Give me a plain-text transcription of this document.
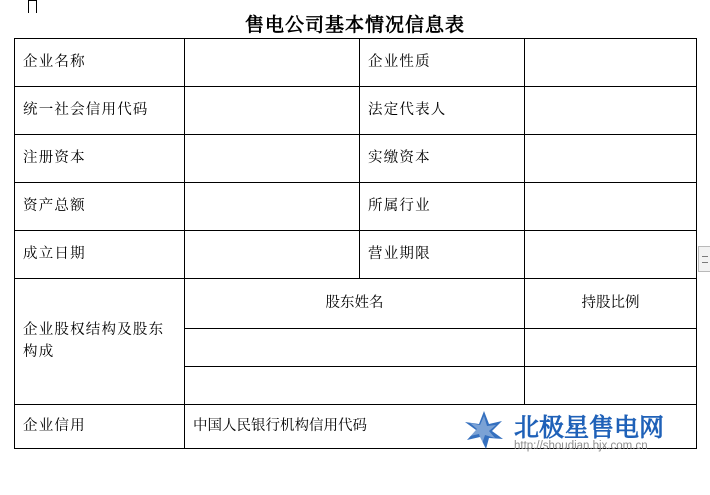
售电公司基本情况信息表
企业名称		企业性质	
统一社会信用代码		法定代表人	
注册资本		实缴资本	
资产总额		所属行业	
成立日期		营业期限	
企业股权结构及股东构成	股东姓名		持股比例

企业信用	中国人民银行机构信用代码			北极星售电网
http://shoudian.bjx.com.cn
